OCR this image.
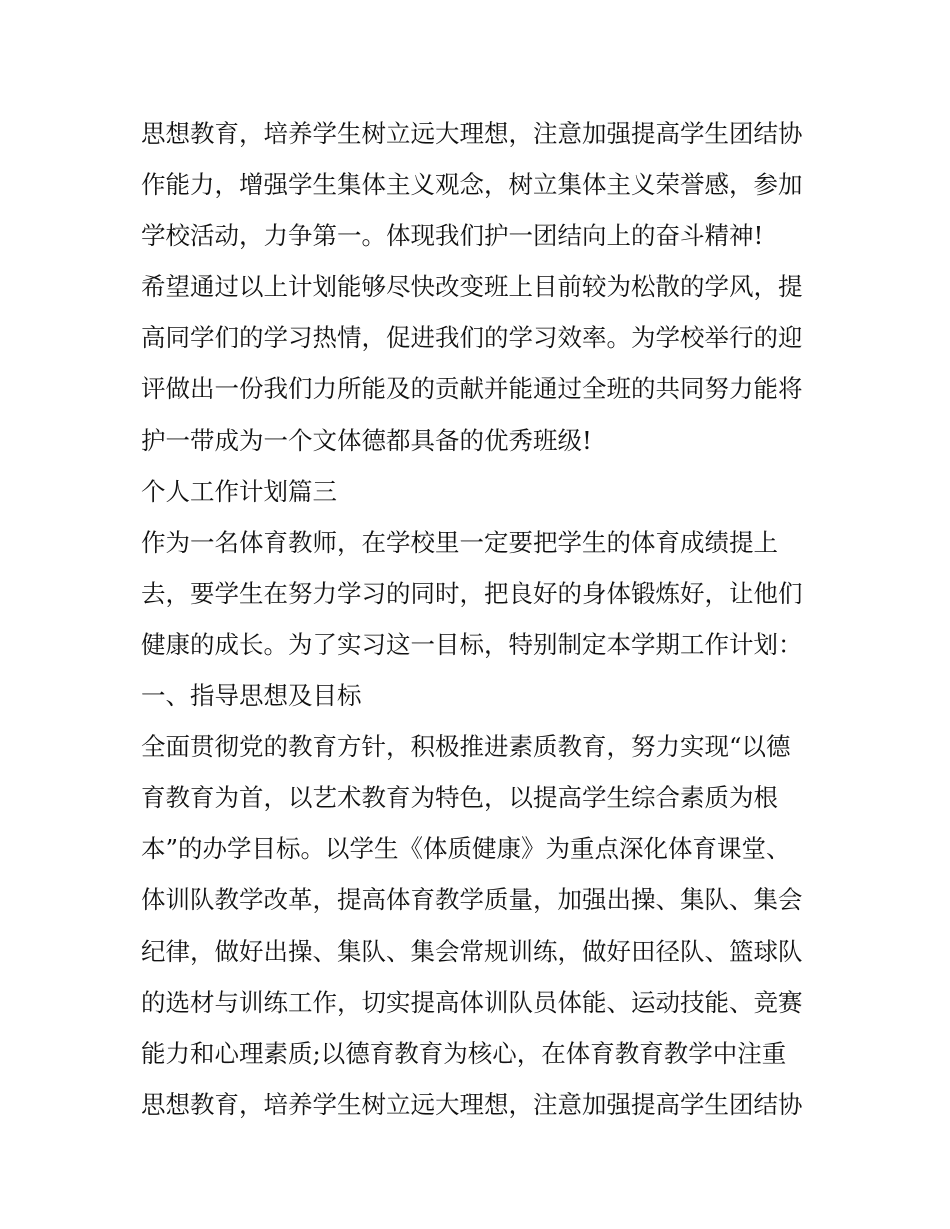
思想教育，培养学生树立远大理想，注意加强提高学生团结协
作能力，增强学生集体主义观念，树立集体主义荣誉感，参加
学校活动，力争第一。体现我们护一团结向上的奋斗精神!
希望通过以上计划能够尽快改变班上目前较为松散的学风，提
高同学们的学习热情，促进我们的学习效率。为学校举行的迎
评做出一份我们力所能及的贡献并能通过全班的共同努力能将
护一带成为一个文体德都具备的优秀班级!
个人工作计划篇三
作为一名体育教师，在学校里一定要把学生的体育成绩提上
去，要学生在努力学习的同时，把良好的身体锻炼好，让他们
健康的成长。为了实习这一目标，特别制定本学期工作计划：
一、指导思想及目标
全面贯彻党的教育方针，积极推进素质教育，努力实现“以德
育教育为首，以艺术教育为特色，以提高学生综合素质为根
本”的办学目标。以学生《体质健康》为重点深化体育课堂、
体训队教学改革，提高体育教学质量，加强出操、集队、集会
纪律，做好出操、集队、集会常规训练，做好田径队、篮球队
的选材与训练工作，切实提高体训队员体能、运动技能、竞赛
能力和心理素质;以德育教育为核心，在体育教育教学中注重
思想教育，培养学生树立远大理想，注意加强提高学生团结协
